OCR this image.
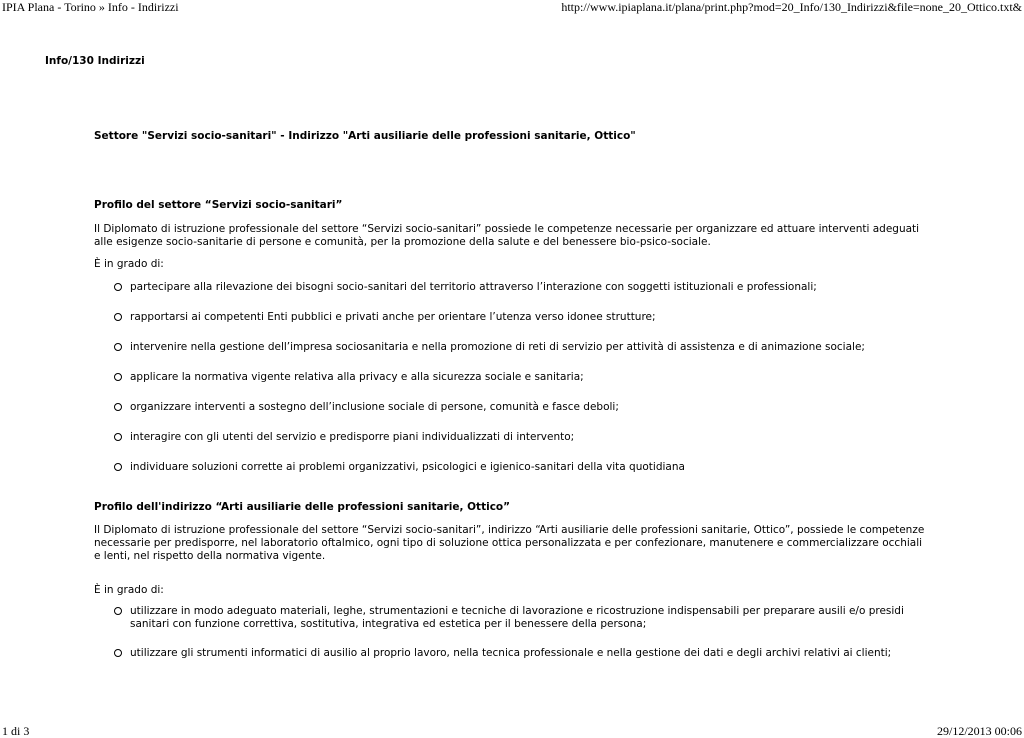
IPIA Plana - Torino » Info - Indirizzi	http://www.ipiaplana.it/plana/print.php?mod=20_Info/130_Indirizzi&file=none_20_Ottico.txt&
Info/130 Indirizzi
Settore "Servizi socio-sanitari" - Indirizzo "Arti ausiliarie delle professioni sanitarie, Ottico"
Profilo del settore “Servizi socio-sanitari”

Il Diplomato di istruzione professionale del settore “Servizi socio-sanitari” possiede le competenze necessarie per organizzare ed attuare interventi adeguati alle esigenze socio-sanitarie di persone e comunità, per la promozione della salute e del benessere bio-psico-sociale.

È in grado di:

partecipare alla rilevazione dei bisogni socio-sanitari del territorio attraverso l’interazione con soggetti istituzionali e professionali;
rapportarsi ai competenti Enti pubblici e privati anche per orientare l’utenza verso idonee strutture;
intervenire nella gestione dell’impresa sociosanitaria e nella promozione di reti di servizio per attività di assistenza e di animazione sociale;
applicare la normativa vigente relativa alla privacy e alla sicurezza sociale e sanitaria;
organizzare interventi a sostegno dell’inclusione sociale di persone, comunità e fasce deboli;
interagire con gli utenti del servizio e predisporre piani individualizzati di intervento;
individuare soluzioni corrette ai problemi organizzativi, psicologici e igienico-sanitari della vita quotidiana
Profilo dell'indirizzo “Arti ausiliarie delle professioni sanitarie, Ottico”

Il Diplomato di istruzione professionale del settore “Servizi socio-sanitari”, indirizzo “Arti ausiliarie delle professioni sanitarie, Ottico”, possiede le competenze necessarie per predisporre, nel laboratorio oftalmico, ogni tipo di soluzione ottica personalizzata e per confezionare, manutenere e commercializzare occhiali e lenti, nel rispetto della normativa vigente.

È in grado di:

utilizzare in modo adeguato materiali, leghe, strumentazioni e tecniche di lavorazione e ricostruzione indispensabili per preparare ausili e/o presidi sanitari con funzione correttiva, sostitutiva, integrativa ed estetica per il benessere della persona;
utilizzare gli strumenti informatici di ausilio al proprio lavoro, nella tecnica professionale e nella gestione dei dati e degli archivi relativi ai clienti;
1 di 3	29/12/2013 00:06
